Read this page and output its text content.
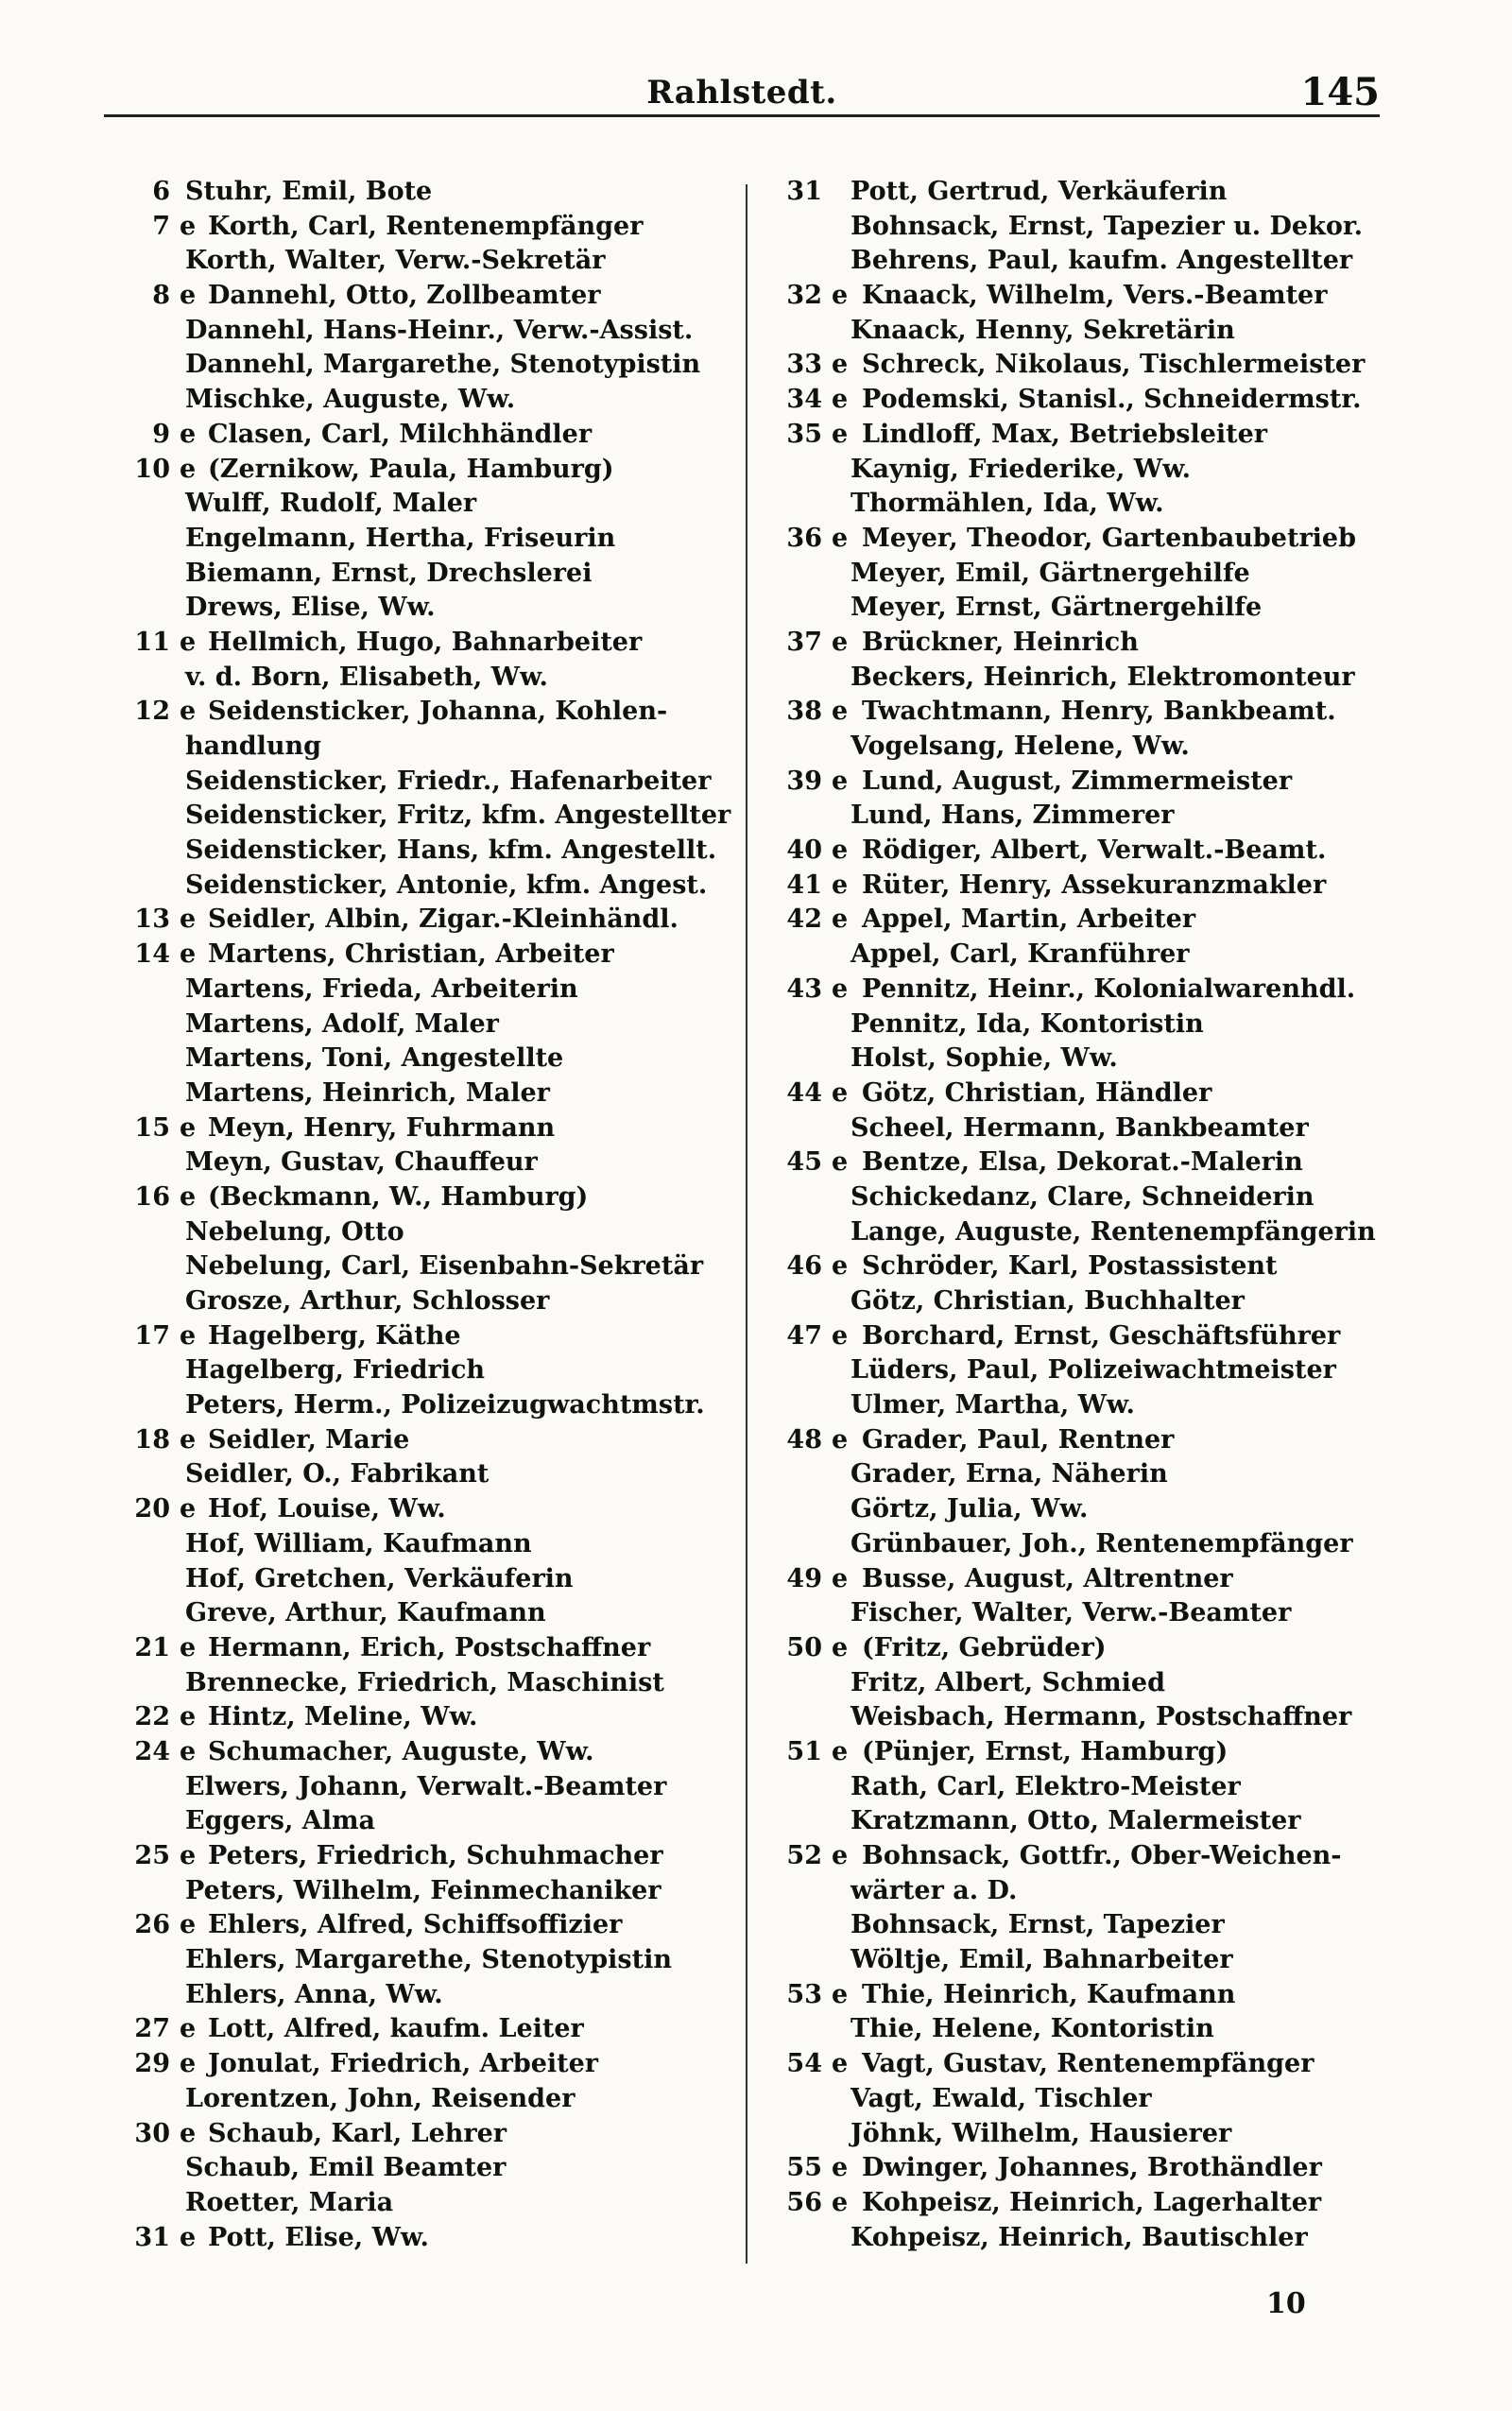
Rahlstedt.	145
6 Stuhr, Emil, Bote
7 e Korth, Carl, Rentenempfänger
Korth, Walter, Verw.-Sekretär
8 e Dannehl, Otto, Zollbeamter
Dannehl, Hans-Heinr., Verw.-Assist.
Dannehl, Margarethe, Stenotypistin
Mischke, Auguste, Ww.
9 e Clasen, Carl, Milchhändler
10 e (Zernikow, Paula, Hamburg)
Wulff, Rudolf, Maler
Engelmann, Hertha, Friseurin
Biemann, Ernst, Drechslerei
Drews, Elise, Ww.
11 e Hellmich, Hugo, Bahnarbeiter
v. d. Born, Elisabeth, Ww.
12 e Seidensticker, Johanna, Kohlen-
handlung
Seidensticker, Friedr., Hafenarbeiter
Seidensticker, Fritz, kfm. Angestellter
Seidensticker, Hans, kfm. Angestellt.
Seidensticker, Antonie, kfm. Angest.
13 e Seidler, Albin, Zigar.-Kleinhändl.
14 e Martens, Christian, Arbeiter
Martens, Frieda, Arbeiterin
Martens, Adolf, Maler
Martens, Toni, Angestellte
Martens, Heinrich, Maler
15 e Meyn, Henry, Fuhrmann
Meyn, Gustav, Chauffeur
16 e (Beckmann, W., Hamburg)
Nebelung, Otto
Nebelung, Carl, Eisenbahn-Sekretär
Grosze, Arthur, Schlosser
17 e Hagelberg, Käthe
Hagelberg, Friedrich
Peters, Herm., Polizeizugwachtmstr.
18 e Seidler, Marie
Seidler, O., Fabrikant
20 e Hof, Louise, Ww.
Hof, William, Kaufmann
Hof, Gretchen, Verkäuferin
Greve, Arthur, Kaufmann
21 e Hermann, Erich, Postschaffner
Brennecke, Friedrich, Maschinist
22 e Hintz, Meline, Ww.
24 e Schumacher, Auguste, Ww.
Elwers, Johann, Verwalt.-Beamter
Eggers, Alma
25 e Peters, Friedrich, Schuhmacher
Peters, Wilhelm, Feinmechaniker
26 e Ehlers, Alfred, Schiffsoffizier
Ehlers, Margarethe, Stenotypistin
Ehlers, Anna, Ww.
27 e Lott, Alfred, kaufm. Leiter
29 e Jonulat, Friedrich, Arbeiter
Lorentzen, John, Reisender
30 e Schaub, Karl, Lehrer
Schaub, Emil Beamter
Roetter, Maria
31 e Pott, Elise, Ww.
31 Pott, Gertrud, Verkäuferin
Bohnsack, Ernst, Tapezier u. Dekor.
Behrens, Paul, kaufm. Angestellter
32 e Knaack, Wilhelm, Vers.-Beamter
Knaack, Henny, Sekretärin
33 e Schreck, Nikolaus, Tischlermeister
34 e Podemski, Stanisl., Schneidermstr.
35 e Lindloff, Max, Betriebsleiter
Kaynig, Friederike, Ww.
Thormählen, Ida, Ww.
36 e Meyer, Theodor, Gartenbaubetrieb
Meyer, Emil, Gärtnergehilfe
Meyer, Ernst, Gärtnergehilfe
37 e Brückner, Heinrich
Beckers, Heinrich, Elektromonteur
38 e Twachtmann, Henry, Bankbeamt.
Vogelsang, Helene, Ww.
39 e Lund, August, Zimmermeister
Lund, Hans, Zimmerer
40 e Rödiger, Albert, Verwalt.-Beamt.
41 e Rüter, Henry, Assekuranzmakler
42 e Appel, Martin, Arbeiter
Appel, Carl, Kranführer
43 e Pennitz, Heinr., Kolonialwarenhdl.
Pennitz, Ida, Kontoristin
Holst, Sophie, Ww.
44 e Götz, Christian, Händler
Scheel, Hermann, Bankbeamter
45 e Bentze, Elsa, Dekorat.-Malerin
Schickedanz, Clare, Schneiderin
Lange, Auguste, Rentenempfängerin
46 e Schröder, Karl, Postassistent
Götz, Christian, Buchhalter
47 e Borchard, Ernst, Geschäftsführer
Lüders, Paul, Polizeiwachtmeister
Ulmer, Martha, Ww.
48 e Grader, Paul, Rentner
Grader, Erna, Näherin
Görtz, Julia, Ww.
Grünbauer, Joh., Rentenempfänger
49 e Busse, August, Altrentner
Fischer, Walter, Verw.-Beamter
50 e (Fritz, Gebrüder)
Fritz, Albert, Schmied
Weisbach, Hermann, Postschaffner
51 e (Pünjer, Ernst, Hamburg)
Rath, Carl, Elektro-Meister
Kratzmann, Otto, Malermeister
52 e Bohnsack, Gottfr., Ober-Weichen-
wärter a. D.
Bohnsack, Ernst, Tapezier
Wöltje, Emil, Bahnarbeiter
53 e Thie, Heinrich, Kaufmann
Thie, Helene, Kontoristin
54 e Vagt, Gustav, Rentenempfänger
Vagt, Ewald, Tischler
Jöhnk, Wilhelm, Hausierer
55 e Dwinger, Johannes, Brothändler
56 e Kohpeisz, Heinrich, Lagerhalter
Kohpeisz, Heinrich, Bautischler
10
